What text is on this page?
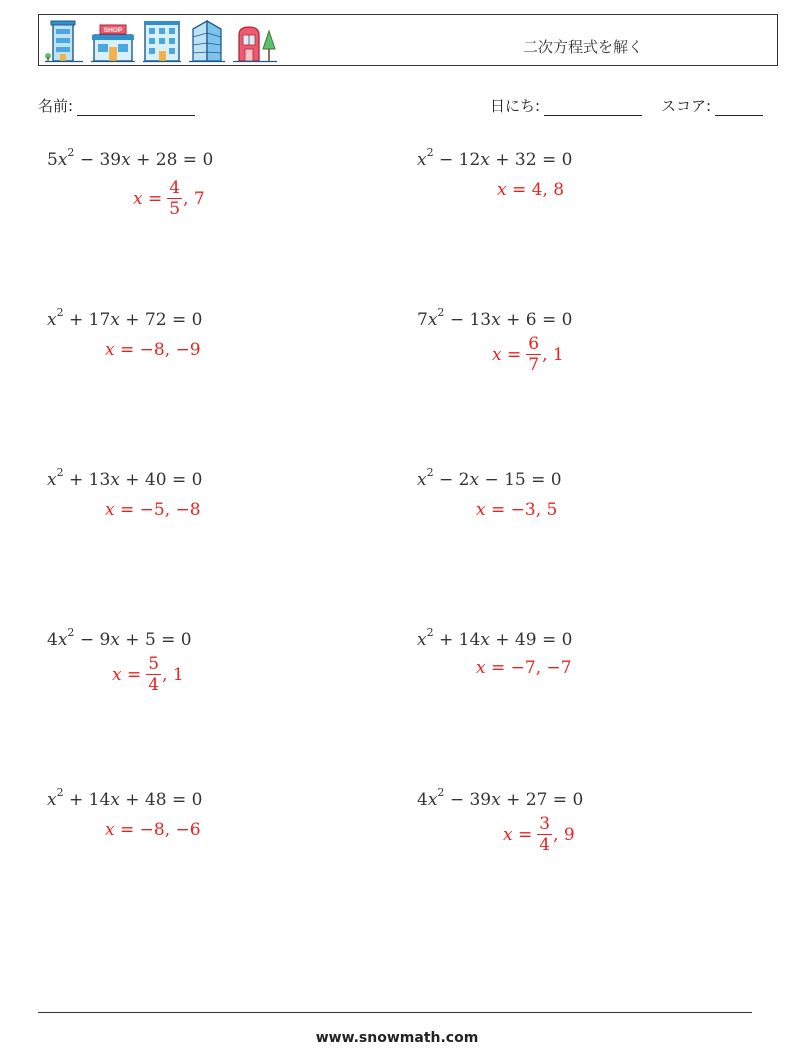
SHOP
二次方程式を解く
名前:	日にち:	スコア:
$5x^2 - 39x + 28 = 0$
$x = \frac{4}{5}$ , 7
$x^2 - 12x + 32 = 0$
x = 4, 8
$x^2 + 17x + 72 = 0$
x = −8, −9
$7x^2 - 13x + 6 = 0$
$x = \frac{6}{7}$ , 1
$x^2 + 13x + 40 = 0$
x = −5, −8
$x^2 - 2x - 15 = 0$
x = −3, 5
$4x^2 - 9x + 5 = 0$
$x = \frac{5}{4}$ , 1
$x^2 + 14x + 49 = 0$
x = −7, −7
$x^2 + 14x + 48 = 0$
x = −8, −6
$4x^2 - 39x + 27 = 0$
$x = \frac{3}{4}$ , 9
www.snowmath.com
